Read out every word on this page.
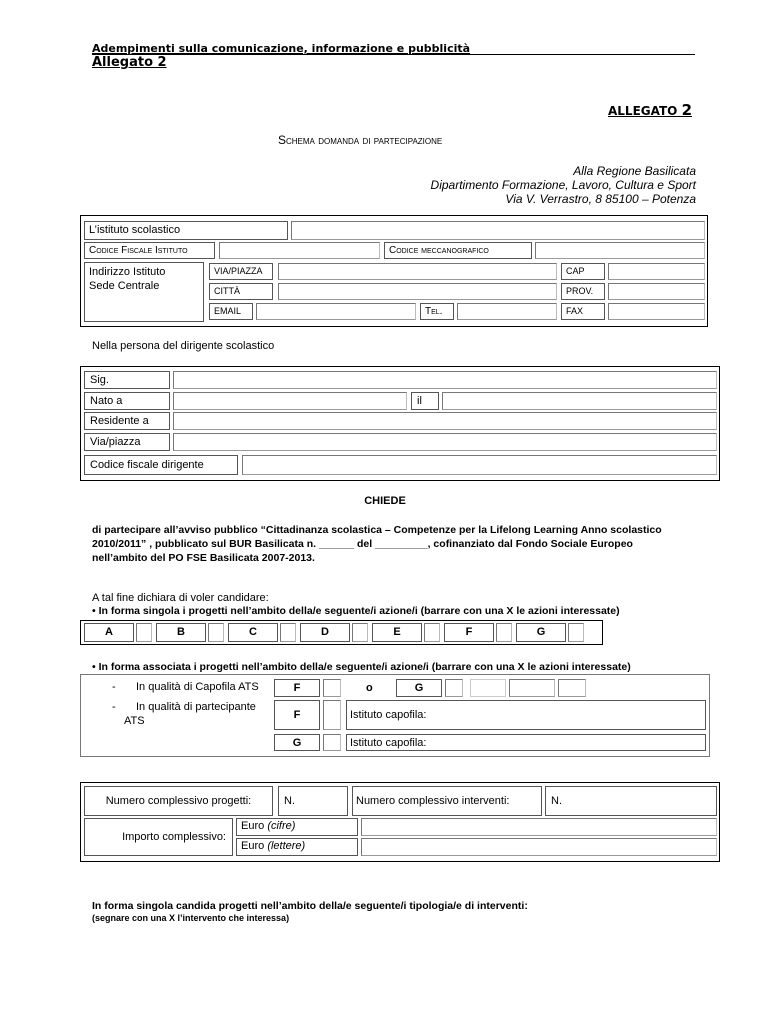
Adempimenti sulla comunicazione, informazione e pubblicità
Allegato 2
ALLEGATO 2
Schema domanda di partecipazione
Alla Regione Basilicata
Dipartimento Formazione, Lavoro, Cultura e Sport
Via V. Verrastro, 8 85100 – Potenza
L’istituto scolastico
Codice Fiscale Istituto	Codice meccanografico
Indirizzo Istituto
Sede Centrale
VIA/PIAZZA	CAP
CITTÀ	PROV.
EMAIL	Tel.	FAX
Nella persona del dirigente scolastico
Sig.
Nato a	il
Residente a
Via/piazza
Codice fiscale dirigente
CHIEDE
di partecipare all’avviso pubblico “Cittadinanza scolastica – Competenze per la Lifelong Learning Anno scolastico
2010/2011” , pubblicato sul BUR Basilicata n. ______ del _________, cofinanziato dal Fondo Sociale Europeo
nell’ambito del PO FSE Basilicata 2007-2013.
A tal fine dichiara di voler candidare:
• In forma singola i progetti nell’ambito della/e seguente/i azione/i (barrare con una X le azioni interessate)
A	B	C	D	E	F	G
• In forma associata i progetti nell’ambito della/e seguente/i azione/i (barrare con una X le azioni interessate)
- In qualità di Capofila ATS	F	o	G
- In qualità di partecipante
ATS	F	Istituto capofila:
G	Istituto capofila:
Numero complessivo progetti:	N.	Numero complessivo interventi:	N.
Importo complessivo:
Euro (cifre)
Euro (lettere)
In forma singola candida progetti nell’ambito della/e seguente/i tipologia/e di interventi:
(segnare con una X l’intervento che interessa)
